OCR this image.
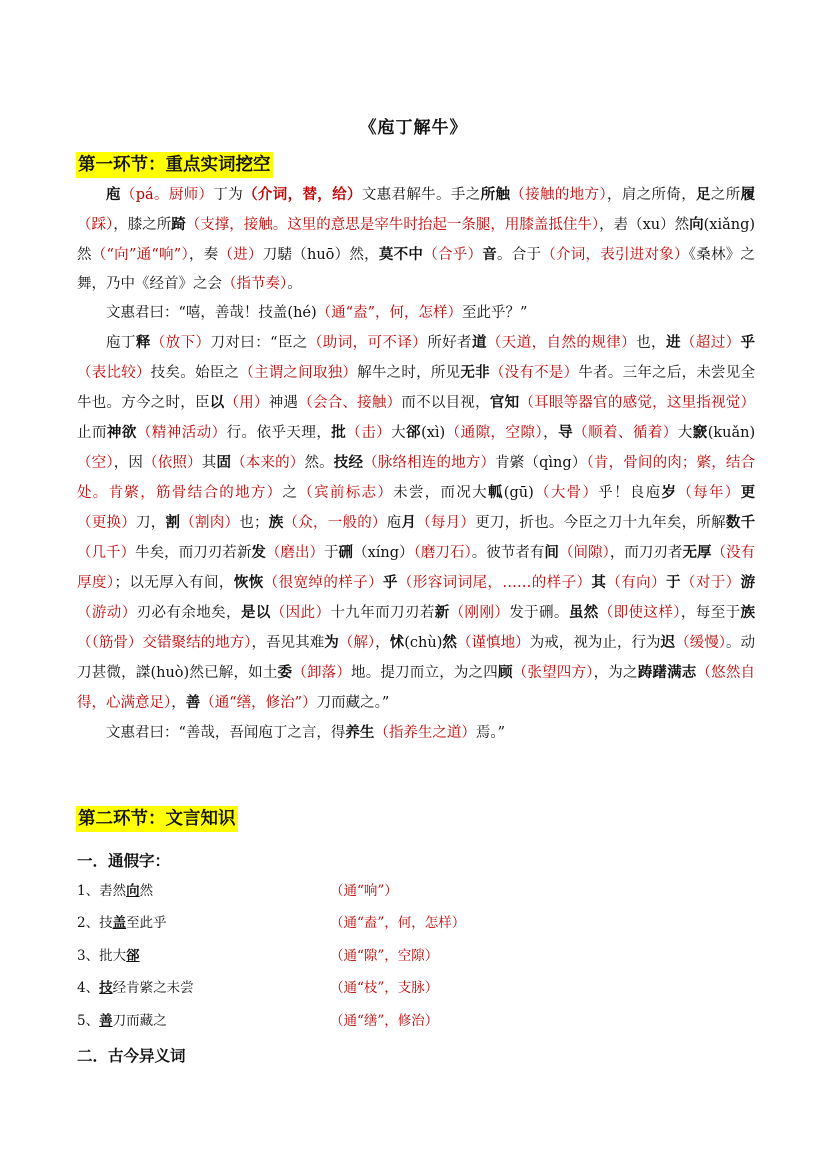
《庖丁解牛》
第一环节：重点实词挖空

庖（pá。厨师）丁为（介词，替，给）文惠君解牛。手之所触（接触的地方），肩之所倚，足之所履（踩），膝之所踦（支撑，接触。这里的意思是宰牛时抬起一条腿，用膝盖抵住牛），砉（xu）然向(xiǎng)然（“向”通“响”），奏（进）刀騞（huō）然，莫不中（合乎）音。合于（介词，表引进对象）《桑林》之舞，乃中《经首》之会（指节奏）。

文惠君曰：“嘻，善哉！技盖(hé)（通“盍”，何，怎样）至此乎？”

庖丁释（放下）刀对曰：“臣之（助词，可不译）所好者道（天道，自然的规律）也，进（超过）乎（表比较）技矣。始臣之（主谓之间取独）解牛之时，所见无非（没有不是）牛者。三年之后，未尝见全牛也。方今之时，臣以（用）神遇（会合、接触）而不以目视，官知（耳眼等器官的感觉，这里指视觉）止而神欲（精神活动）行。依乎天理，批（击）大郤(xì)（通隙，空隙），导（顺着、循着）大窾(kuǎn)（空），因（依照）其固（本来的）然。技经（脉络相连的地方）肯綮（qìng）（肯，骨间的肉；綮，结合处。肯綮，筋骨结合的地方）之（宾前标志）未尝，而况大軱(gū)（大骨）乎！良庖岁（每年）更（更换）刀，割（割肉）也；族（众，一般的）庖月（每月）更刀，折也。今臣之刀十九年矣，所解数千（几千）牛矣，而刀刃若新发（磨出）于硎（xíng）（磨刀石）。彼节者有间（间隙），而刀刃者无厚（没有厚度）；以无厚入有间，恢恢（很宽绰的样子）乎（形容词词尾，……的样子）其（有向）于（对于）游（游动）刃必有余地矣，是以（因此）十九年而刀刃若新（刚刚）发于硎。虽然（即使这样），每至于族（（筋骨）交错聚结的地方），吾见其难为（解），怵(chù)然（谨慎地）为戒，视为止，行为迟（缓慢）。动刀甚微，謋(huò)然已解，如土委（卸落）地。提刀而立，为之四顾（张望四方），为之踌躇满志（悠然自得，心满意足），善（通“缮，修治”）刀而藏之。”

文惠君曰：“善哉，吾闻庖丁之言，得养生（指养生之道）焉。”

第二环节：文言知识
一．通假字：
1、砉然向然	（通“响”）
2、技盖至此乎	（通“盍”，何，怎样）
3、批大郤	（通“隙”，空隙）
4、技经肯綮之未尝	（通“枝”，支脉）
5、善刀而藏之	（通“缮”，修治）
二．古今异义词
